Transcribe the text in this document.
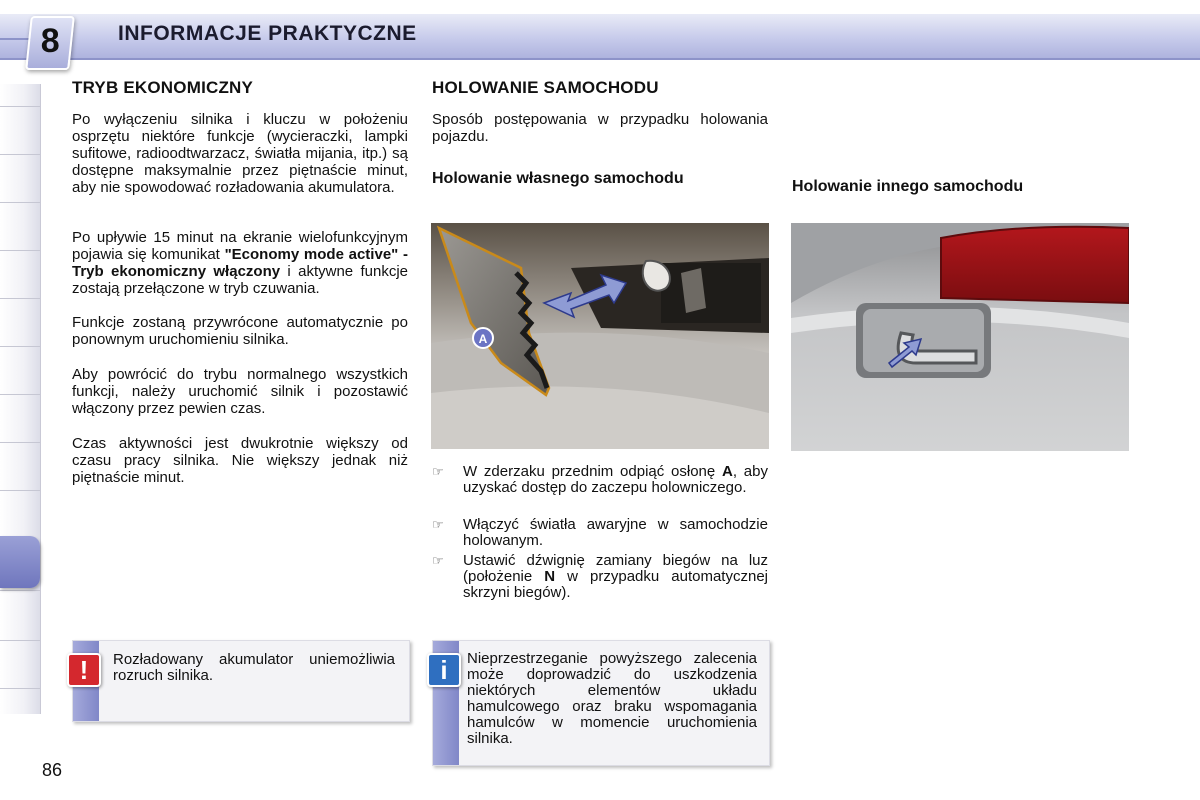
8	INFORMACJE PRAKTYCZNE
TRYB EKONOMICZNY

Po wyłączeniu silnika i kluczu w położeniu osprzętu niektóre funkcje (wycieraczki, lampki sufitowe, radioodtwarzacz, światła mijania, itp.) są dostępne maksymalnie przez piętnaście minut, aby nie spowodować rozładowania akumulatora.

Po upływie 15 minut na ekranie wielofunkcyjnym pojawia się komunikat "Economy mode active" - Tryb ekonomiczny włączony i aktywne funkcje zostają przełączone w tryb czuwania.

Funkcje zostaną przywrócone automatycznie po ponownym uruchomieniu silnika.

Aby powrócić do trybu normalnego wszystkich funkcji, należy uruchomić silnik i pozostawić włączony przez pewien czas.

Czas aktywności jest dwukrotnie większy od czasu pracy silnika. Nie większy jednak niż piętnaście minut.

!	Rozładowany akumulator uniemożliwia rozruch silnika.
HOLOWANIE SAMOCHODU

Sposób postępowania w przypadku holowania pojazdu.

Holowanie własnego samochodu
A
☞ W zderzaku przednim odpiąć osłonę A, aby uzyskać dostęp do zaczepu holowniczego.
☞ Włączyć światła awaryjne w samochodzie holowanym.
☞ Ustawić dźwignię zamiany biegów na luz (położenie N w przypadku automatycznej skrzyni biegów).
i	Nieprzestrzeganie powyższego zalecenia może doprowadzić do uszkodzenia niektórych elementów układu hamulcowego oraz braku wspomagania hamulców w momencie uruchomienia silnika.
Holowanie innego samochodu
86
